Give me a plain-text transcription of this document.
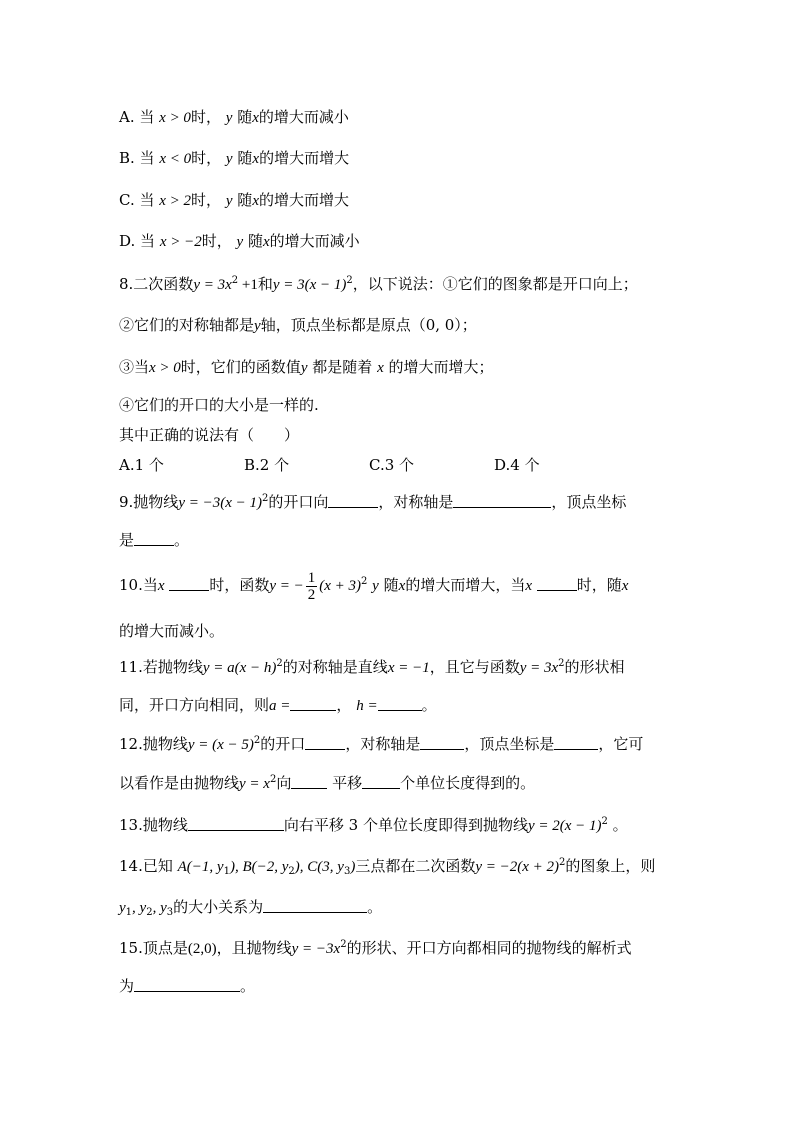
A. 当 x > 0时， y 随x的增大而减小
B. 当 x < 0时， y 随x的增大而增大
C. 当 x > 2时， y 随x的增大而增大
D. 当 x > −2时， y 随x的增大而减小
8.二次函数$y = 3x^2 +1$和$y = 3(x - 1)^2$，以下说法：①它们的图象都是开口向上；
②它们的对称轴都是y轴，顶点坐标都是原点（0, 0）；
③当x > 0时，它们的函数值y 都是随着 x 的增大而增大；
④它们的开口的大小是一样的.
其中正确的说法有（　　）
A.1 个	B.2 个	C.3 个	D.4 个
9.抛物线$y = -3(x - 1)^2$的开口向	，对称轴是	，顶点坐标
是	。
10.当x	时，函数y = − $\frac{1}{2} (x + 3)^2$ y 随x的增大而增大，当x	时，随x
的增大而减小。
11.若抛物线$y = a(x - h)^2$的对称轴是直线x = −1，且它与函数$y = 3x^2$的形状相
同，开口方向相同，则a =	， h =	。
12.抛物线$y = (x - 5)^2$的开口	，对称轴是	，顶点坐标是	，它可
以看作是由抛物线$y = x^2$向	平移	个单位长度得到的。
13.抛物线	向右平移 3 个单位长度即得到抛物线$y = 2(x - 1)^2$ 。
14.已知 A(−1, $y_1$), B(−2, $y_2$), C(3, $y_3$)三点都在二次函数$y = -2(x + 2)^2$的图象上，则
$y_1$, $y_2$, $y_3$的大小关系为	。
15.顶点是(2,0)，且抛物线$y = -3x^2$的形状、开口方向都相同的抛物线的解析式
为	。
